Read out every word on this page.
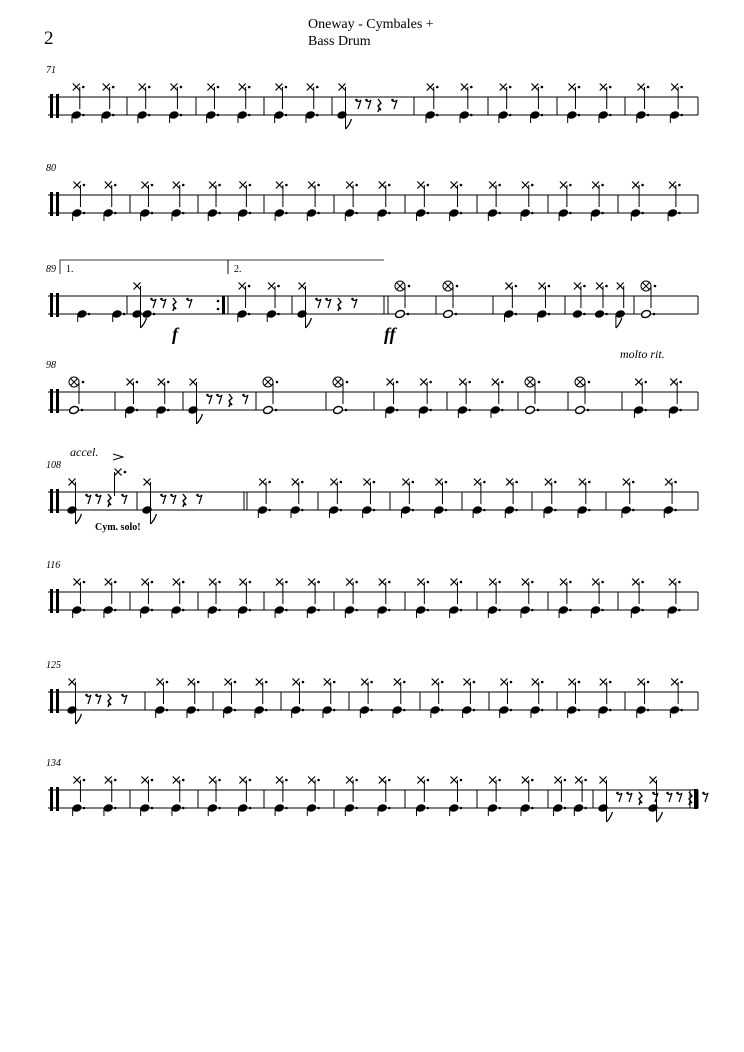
2
Oneway - Cymbales +
Bass Drum
71
80
89
98
108
116
125
134
1.	2.
f	ff
molto rit.
accel.
Cym. solo!
